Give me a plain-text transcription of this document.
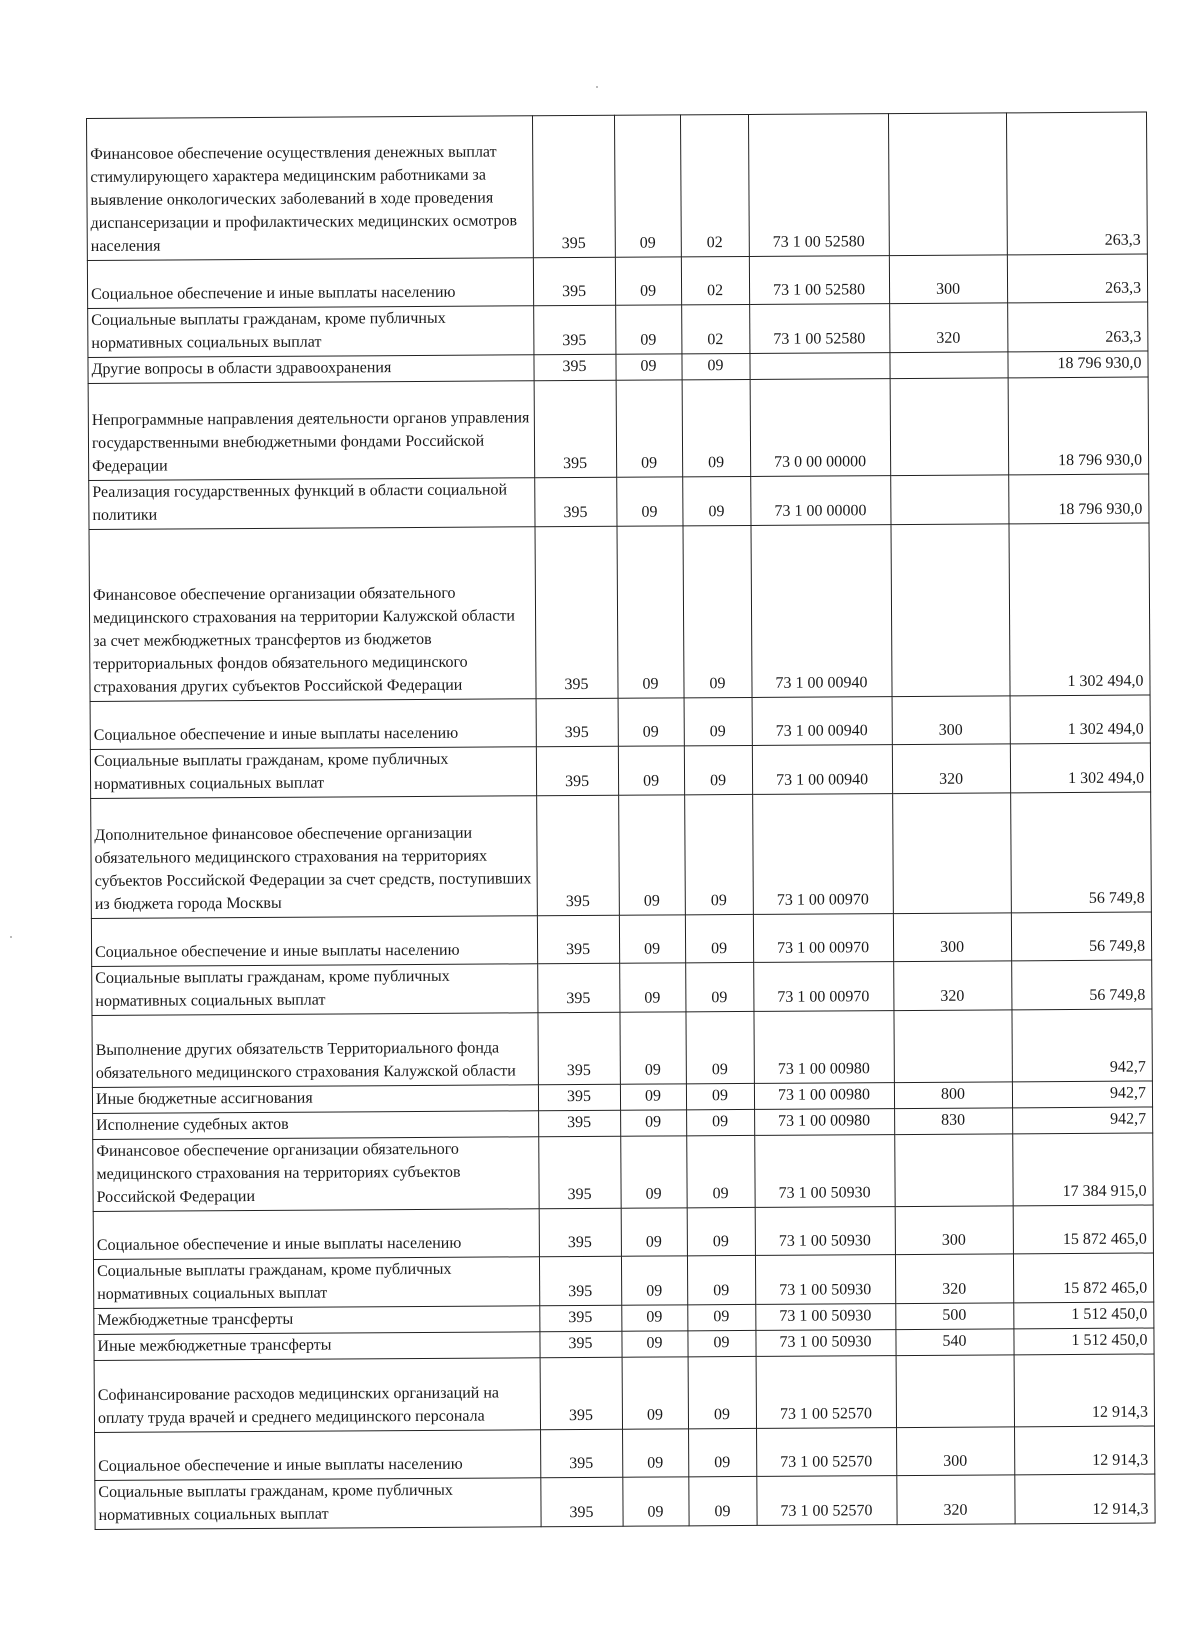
Финансовое обеспечение осуществления денежных выплат стимулирующего характера медицинским работниками за выявление онкологических заболеваний в ходе проведения диспансеризации и профилактических медицинских осмотров населения	395	09	02	73 1 00 52580		263,3
Социальное обеспечение и иные выплаты населению	395	09	02	73 1 00 52580	300	263,3
Социальные выплаты гражданам, кроме публичных нормативных социальных выплат	395	09	02	73 1 00 52580	320	263,3
Другие вопросы в области здравоохранения	395	09	09			18 796 930,0
Непрограммные направления деятельности органов управления государственными внебюджетными фондами Российской Федерации	395	09	09	73 0 00 00000		18 796 930,0
Реализация государственных функций в области социальной политики	395	09	09	73 1 00 00000		18 796 930,0
Финансовое обеспечение организации обязательного медицинского страхования на территории Калужской области за счет межбюджетных трансфертов из бюджетов территориальных фондов обязательного медицинского страхования других субъектов Российской Федерации	395	09	09	73 1 00 00940		1 302 494,0
Социальное обеспечение и иные выплаты населению	395	09	09	73 1 00 00940	300	1 302 494,0
Социальные выплаты гражданам, кроме публичных нормативных социальных выплат	395	09	09	73 1 00 00940	320	1 302 494,0
Дополнительное финансовое обеспечение организации обязательного медицинского страхования на территориях субъектов Российской Федерации за счет средств, поступивших из бюджета города Москвы	395	09	09	73 1 00 00970		56 749,8
Социальное обеспечение и иные выплаты населению	395	09	09	73 1 00 00970	300	56 749,8
Социальные выплаты гражданам, кроме публичных нормативных социальных выплат	395	09	09	73 1 00 00970	320	56 749,8
Выполнение других обязательств Территориального фонда обязательного медицинского страхования Калужской области	395	09	09	73 1 00 00980		942,7
Иные бюджетные ассигнования	395	09	09	73 1 00 00980	800	942,7
Исполнение судебных актов	395	09	09	73 1 00 00980	830	942,7
Финансовое обеспечение организации обязательного медицинского страхования на территориях субъектов Российской Федерации	395	09	09	73 1 00 50930		17 384 915,0
Социальное обеспечение и иные выплаты населению	395	09	09	73 1 00 50930	300	15 872 465,0
Социальные выплаты гражданам, кроме публичных нормативных социальных выплат	395	09	09	73 1 00 50930	320	15 872 465,0
Межбюджетные трансферты	395	09	09	73 1 00 50930	500	1 512 450,0
Иные межбюджетные трансферты	395	09	09	73 1 00 50930	540	1 512 450,0
Софинансирование расходов медицинских организаций на оплату труда врачей и среднего медицинского персонала	395	09	09	73 1 00 52570		12 914,3
Социальное обеспечение и иные выплаты населению	395	09	09	73 1 00 52570	300	12 914,3
Социальные выплаты гражданам, кроме публичных нормативных социальных выплат	395	09	09	73 1 00 52570	320	12 914,3
